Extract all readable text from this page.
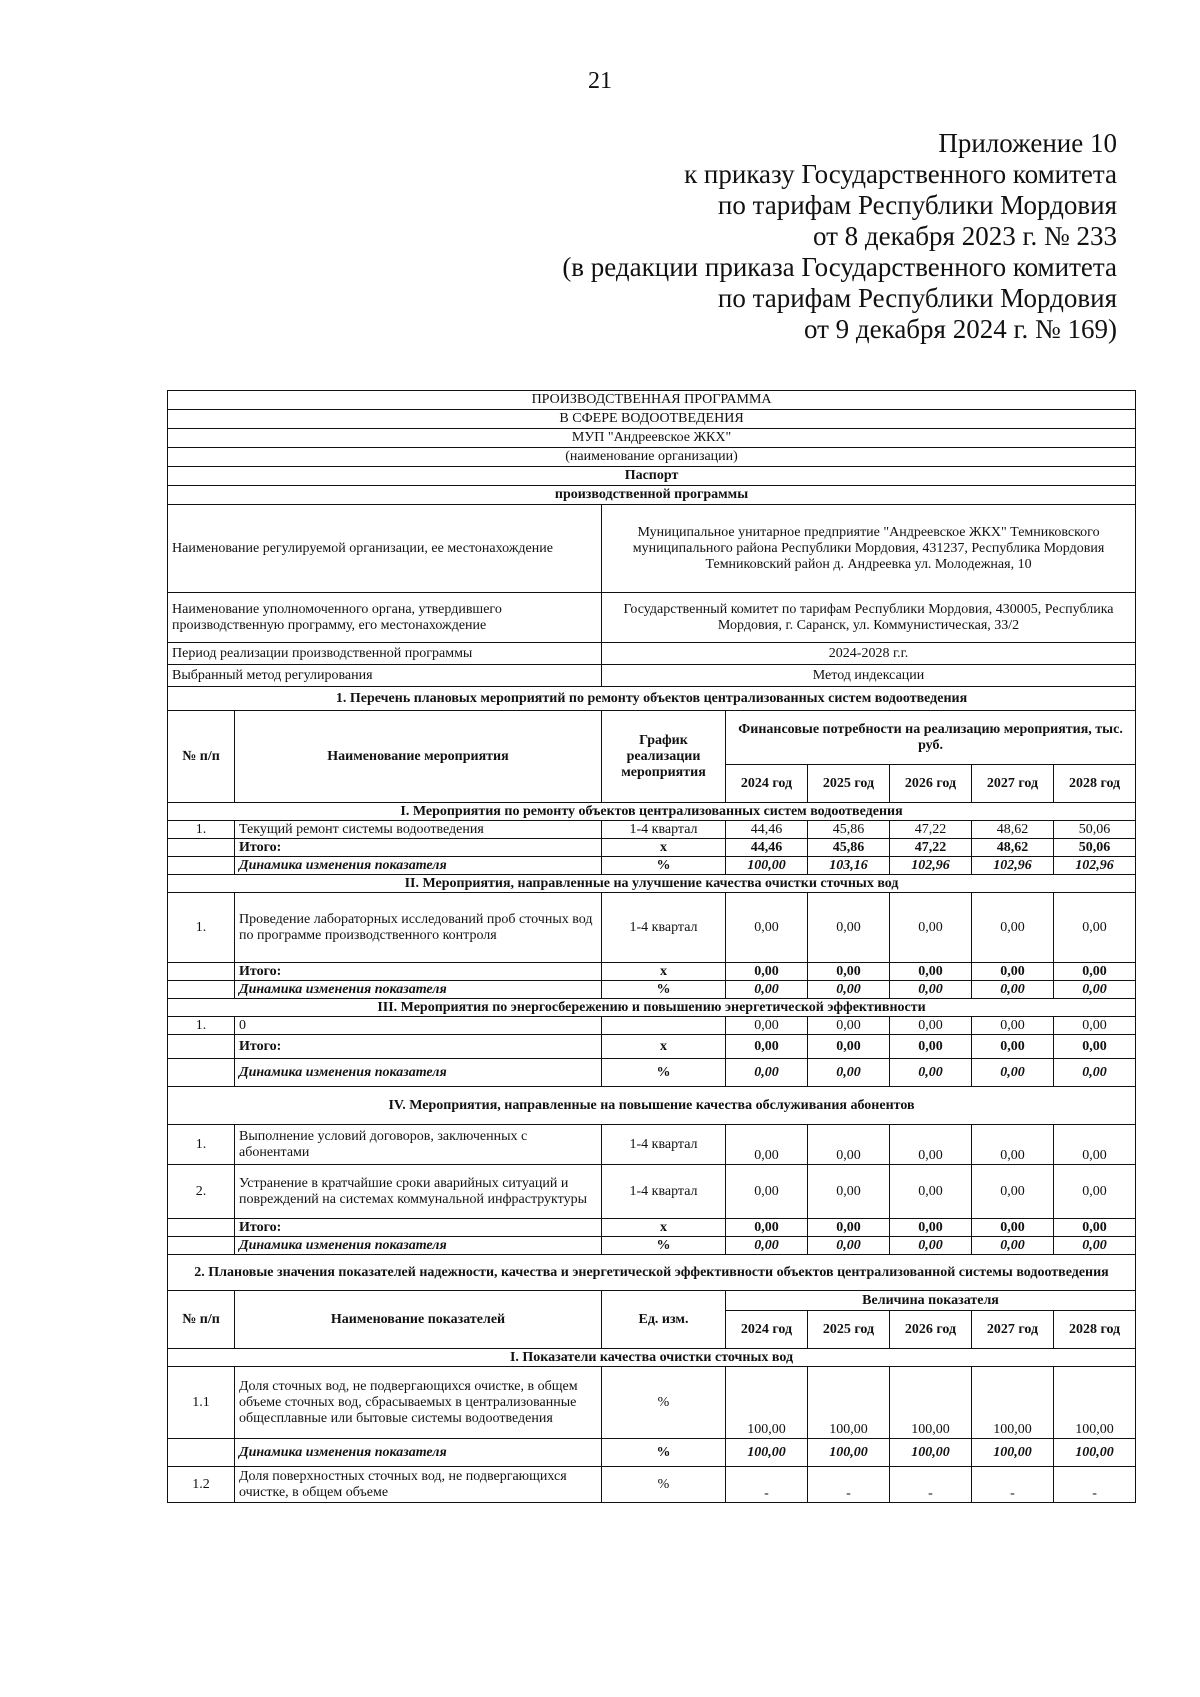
21
Приложение 10
к приказу Государственного комитета
по тарифам Республики Мордовия
от 8 декабря 2023 г. № 233
(в редакции приказа Государственного комитета
по тарифам Республики Мордовия
от 9 декабря 2024 г. № 169)
ПРОИЗВОДСТВЕННАЯ ПРОГРАММА							
В СФЕРЕ ВОДООТВЕДЕНИЯ							
МУП "Андреевское ЖКХ"							
(наименование организации)							
Паспорт							
производственной программы							
Наименование регулируемой организации, ее местонахождение		Муниципальное унитарное предприятие "Андреевское ЖКХ" Темниковского муниципального района Республики Мордовия, 431237, Республика Мордовия Темниковский район д. Андреевка ул. Молодежная, 10					
Наименование уполномоченного органа, утвердившего производственную программу, его местонахождение		Государственный комитет по тарифам Республики Мордовия, 430005, Республика Мордовия, г. Саранск, ул. Коммунистическая, 33/2					
Период реализации производственной программы		2024-2028 г.г.					
Выбранный метод регулирования		Метод индексации					
1. Перечень плановых мероприятий по ремонту объектов централизованных систем водоотведения							
№ п/п	Наименование мероприятия	График реализации мероприятия	Финансовые потребности на реализацию мероприятия, тыс. руб.				
			2024 год	2025 год	2026 год	2027 год	2028 год
I. Мероприятия по ремонту объектов централизованных систем водоотведения							
1.	Текущий ремонт системы водоотведения	1-4 квартал	44,46	45,86	47,22	48,62	50,06
	Итого:	х	44,46	45,86	47,22	48,62	50,06
	Динамика изменения показателя	%	100,00	103,16	102,96	102,96	102,96
II. Мероприятия, направленные на улучшение качества очистки сточных вод							
1.	Проведение лабораторных исследований проб сточных вод по программе производственного контроля	1-4 квартал	0,00	0,00	0,00	0,00	0,00
	Итого:	х	0,00	0,00	0,00	0,00	0,00
	Динамика изменения показателя	%	0,00	0,00	0,00	0,00	0,00
III. Мероприятия по энергосбережению и повышению энергетической эффективности							
1.	0		0,00	0,00	0,00	0,00	0,00
	Итого:	х	0,00	0,00	0,00	0,00	0,00
	Динамика изменения показателя	%	0,00	0,00	0,00	0,00	0,00
IV. Мероприятия, направленные на повышение качества обслуживания абонентов							
1.	Выполнение условий договоров, заключенных с абонентами	1-4 квартал	0,00	0,00	0,00	0,00	0,00
2.	Устранение в кратчайшие сроки аварийных ситуаций и повреждений на системах коммунальной инфраструктуры	1-4 квартал	0,00	0,00	0,00	0,00	0,00
	Итого:	х	0,00	0,00	0,00	0,00	0,00
	Динамика изменения показателя	%	0,00	0,00	0,00	0,00	0,00
2. Плановые значения показателей надежности, качества и энергетической эффективности объектов централизованной системы водоотведения							
№ п/п	Наименование показателей	Ед. изм.	Величина показателя				
			2024 год	2025 год	2026 год	2027 год	2028 год
I. Показатели качества очистки сточных вод							
1.1	Доля сточных вод, не подвергающихся очистке, в общем объеме сточных вод, сбрасываемых в централизованные общесплавные или бытовые системы водоотведения	%	100,00	100,00	100,00	100,00	100,00
	Динамика изменения показателя	%	100,00	100,00	100,00	100,00	100,00
1.2	Доля поверхностных сточных вод, не подвергающихся очистке, в общем объеме	%	-	-	-	-	-
